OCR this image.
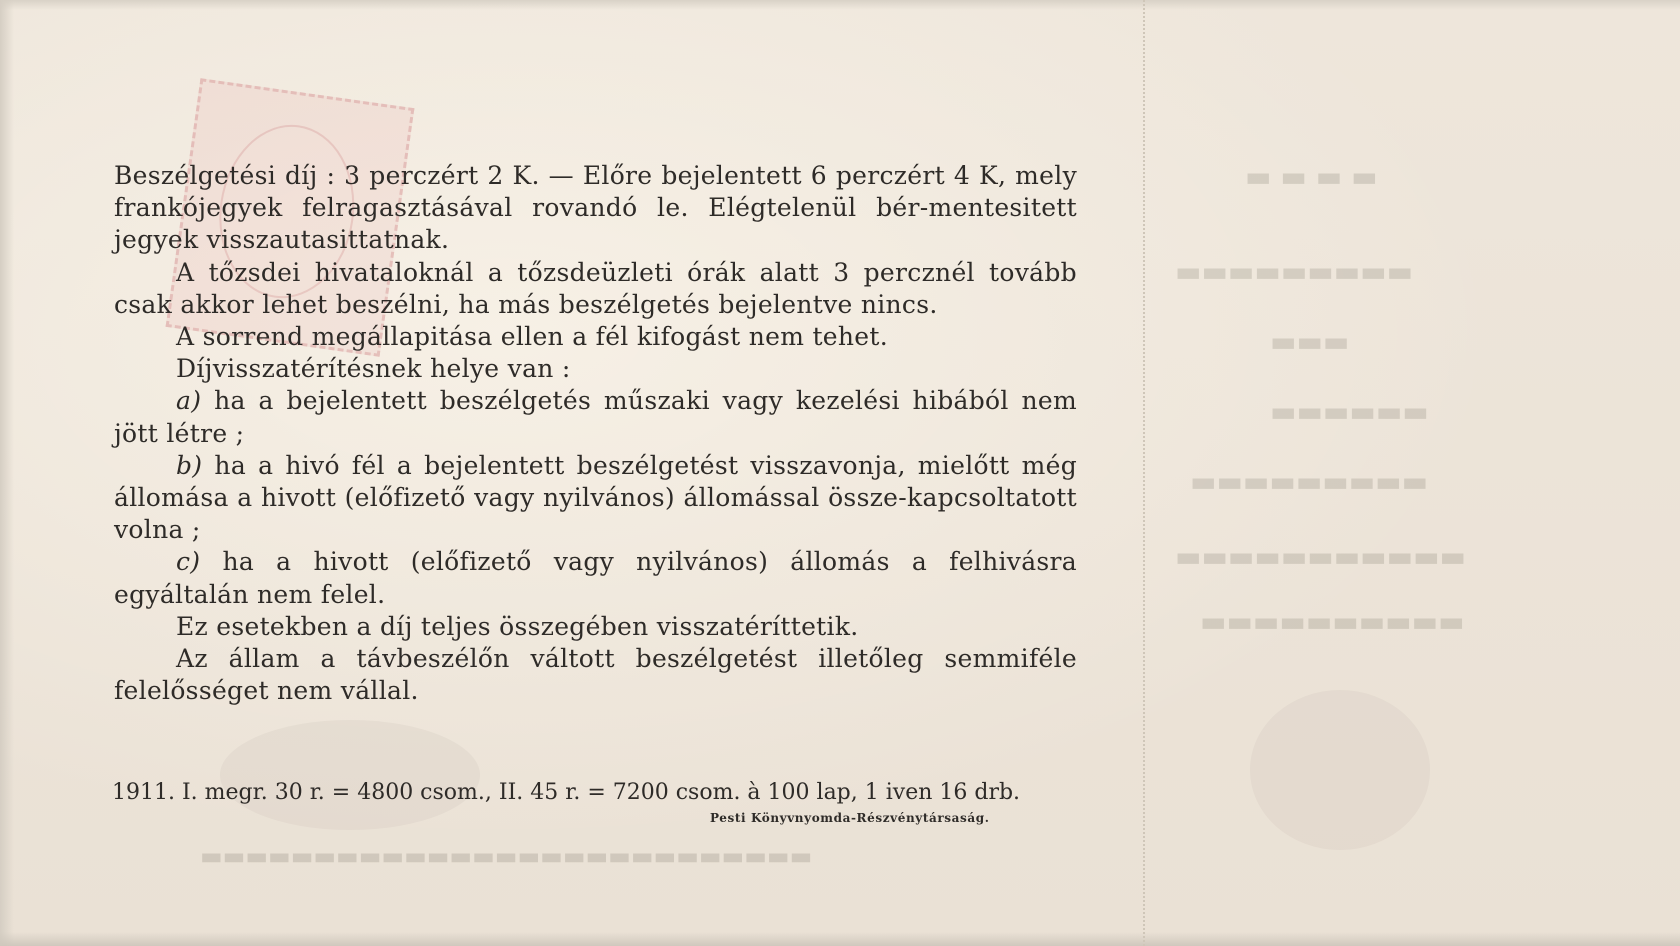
▬ ▬ ▬ ▬
▬▬▬▬▬▬▬▬▬
▬▬▬
▬▬▬▬▬▬
▬▬▬▬▬▬▬▬▬
▬▬▬▬▬▬▬▬▬▬▬
▬▬▬▬▬▬▬▬▬▬
▬▬▬▬▬▬▬▬▬▬▬▬▬▬▬▬▬▬▬▬▬▬▬▬▬▬▬

Beszélgetési díj : 3 perczért 2 K. — Előre bejelentett 6 perczért 4 K, mely frankójegyek felragasztásával rovandó le. Elégtelenül bér-mentesitett jegyek visszautasittatnak.

A tőzsdei hivataloknál a tőzsdeüzleti órák alatt 3 percznél tovább csak akkor lehet beszélni, ha más beszélgetés bejelentve nincs.

A sorrend megállapitása ellen a fél kifogást nem tehet.

Díjvisszatérítésnek helye van :

a) ha a bejelentett beszélgetés műszaki vagy kezelési hibából nem jött létre ;

b) ha a hivó fél a bejelentett beszélgetést visszavonja, mielőtt még állomása a hivott (előfizető vagy nyilvános) állomással össze-kapcsoltatott volna ;

c) ha a hivott (előfizető vagy nyilvános) állomás a felhivásra egyáltalán nem felel.

Ez esetekben a díj teljes összegében visszatéríttetik.

Az állam a távbeszélőn váltott beszélgetést illetőleg semmiféle felelősséget nem vállal.

1911. I. megr. 30 r. = 4800 csom., II. 45 r. = 7200 csom. à 100 lap, 1 iven 16 drb.
Pesti Könyvnyomda-Részvénytársaság.
